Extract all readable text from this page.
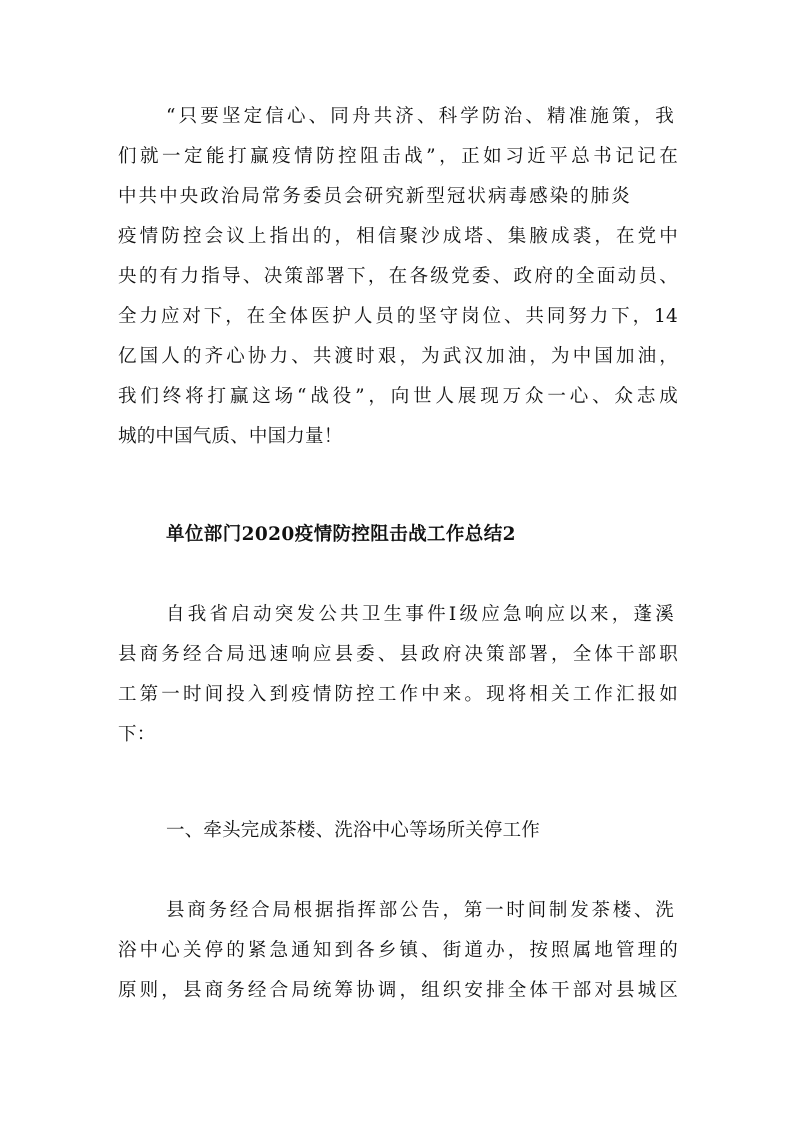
“只要坚定信心、同舟共济、科学防治、精准施策，我
们就一定能打赢疫情防控阻击战”，正如习近平总书记记在
中共中央政治局常务委员会研究新型冠状病毒感染的肺炎
疫情防控会议上指出的，相信聚沙成塔、集腋成裘，在党中
央的有力指导、决策部署下，在各级党委、政府的全面动员、
全力应对下，在全体医护人员的坚守岗位、共同努力下，14
亿国人的齐心协力、共渡时艰，为武汉加油，为中国加油，
我们终将打赢这场“战役”，向世人展现万众一心、众志成
城的中国气质、中国力量！
单位部门2020疫情防控阻击战工作总结2
自我省启动突发公共卫生事件Ⅰ级应急响应以来，蓬溪
县商务经合局迅速响应县委、县政府决策部署，全体干部职
工第一时间投入到疫情防控工作中来。现将相关工作汇报如
下：
一、牵头完成茶楼、洗浴中心等场所关停工作
县商务经合局根据指挥部公告，第一时间制发茶楼、洗
浴中心关停的紧急通知到各乡镇、街道办，按照属地管理的
原则，县商务经合局统筹协调，组织安排全体干部对县城区
